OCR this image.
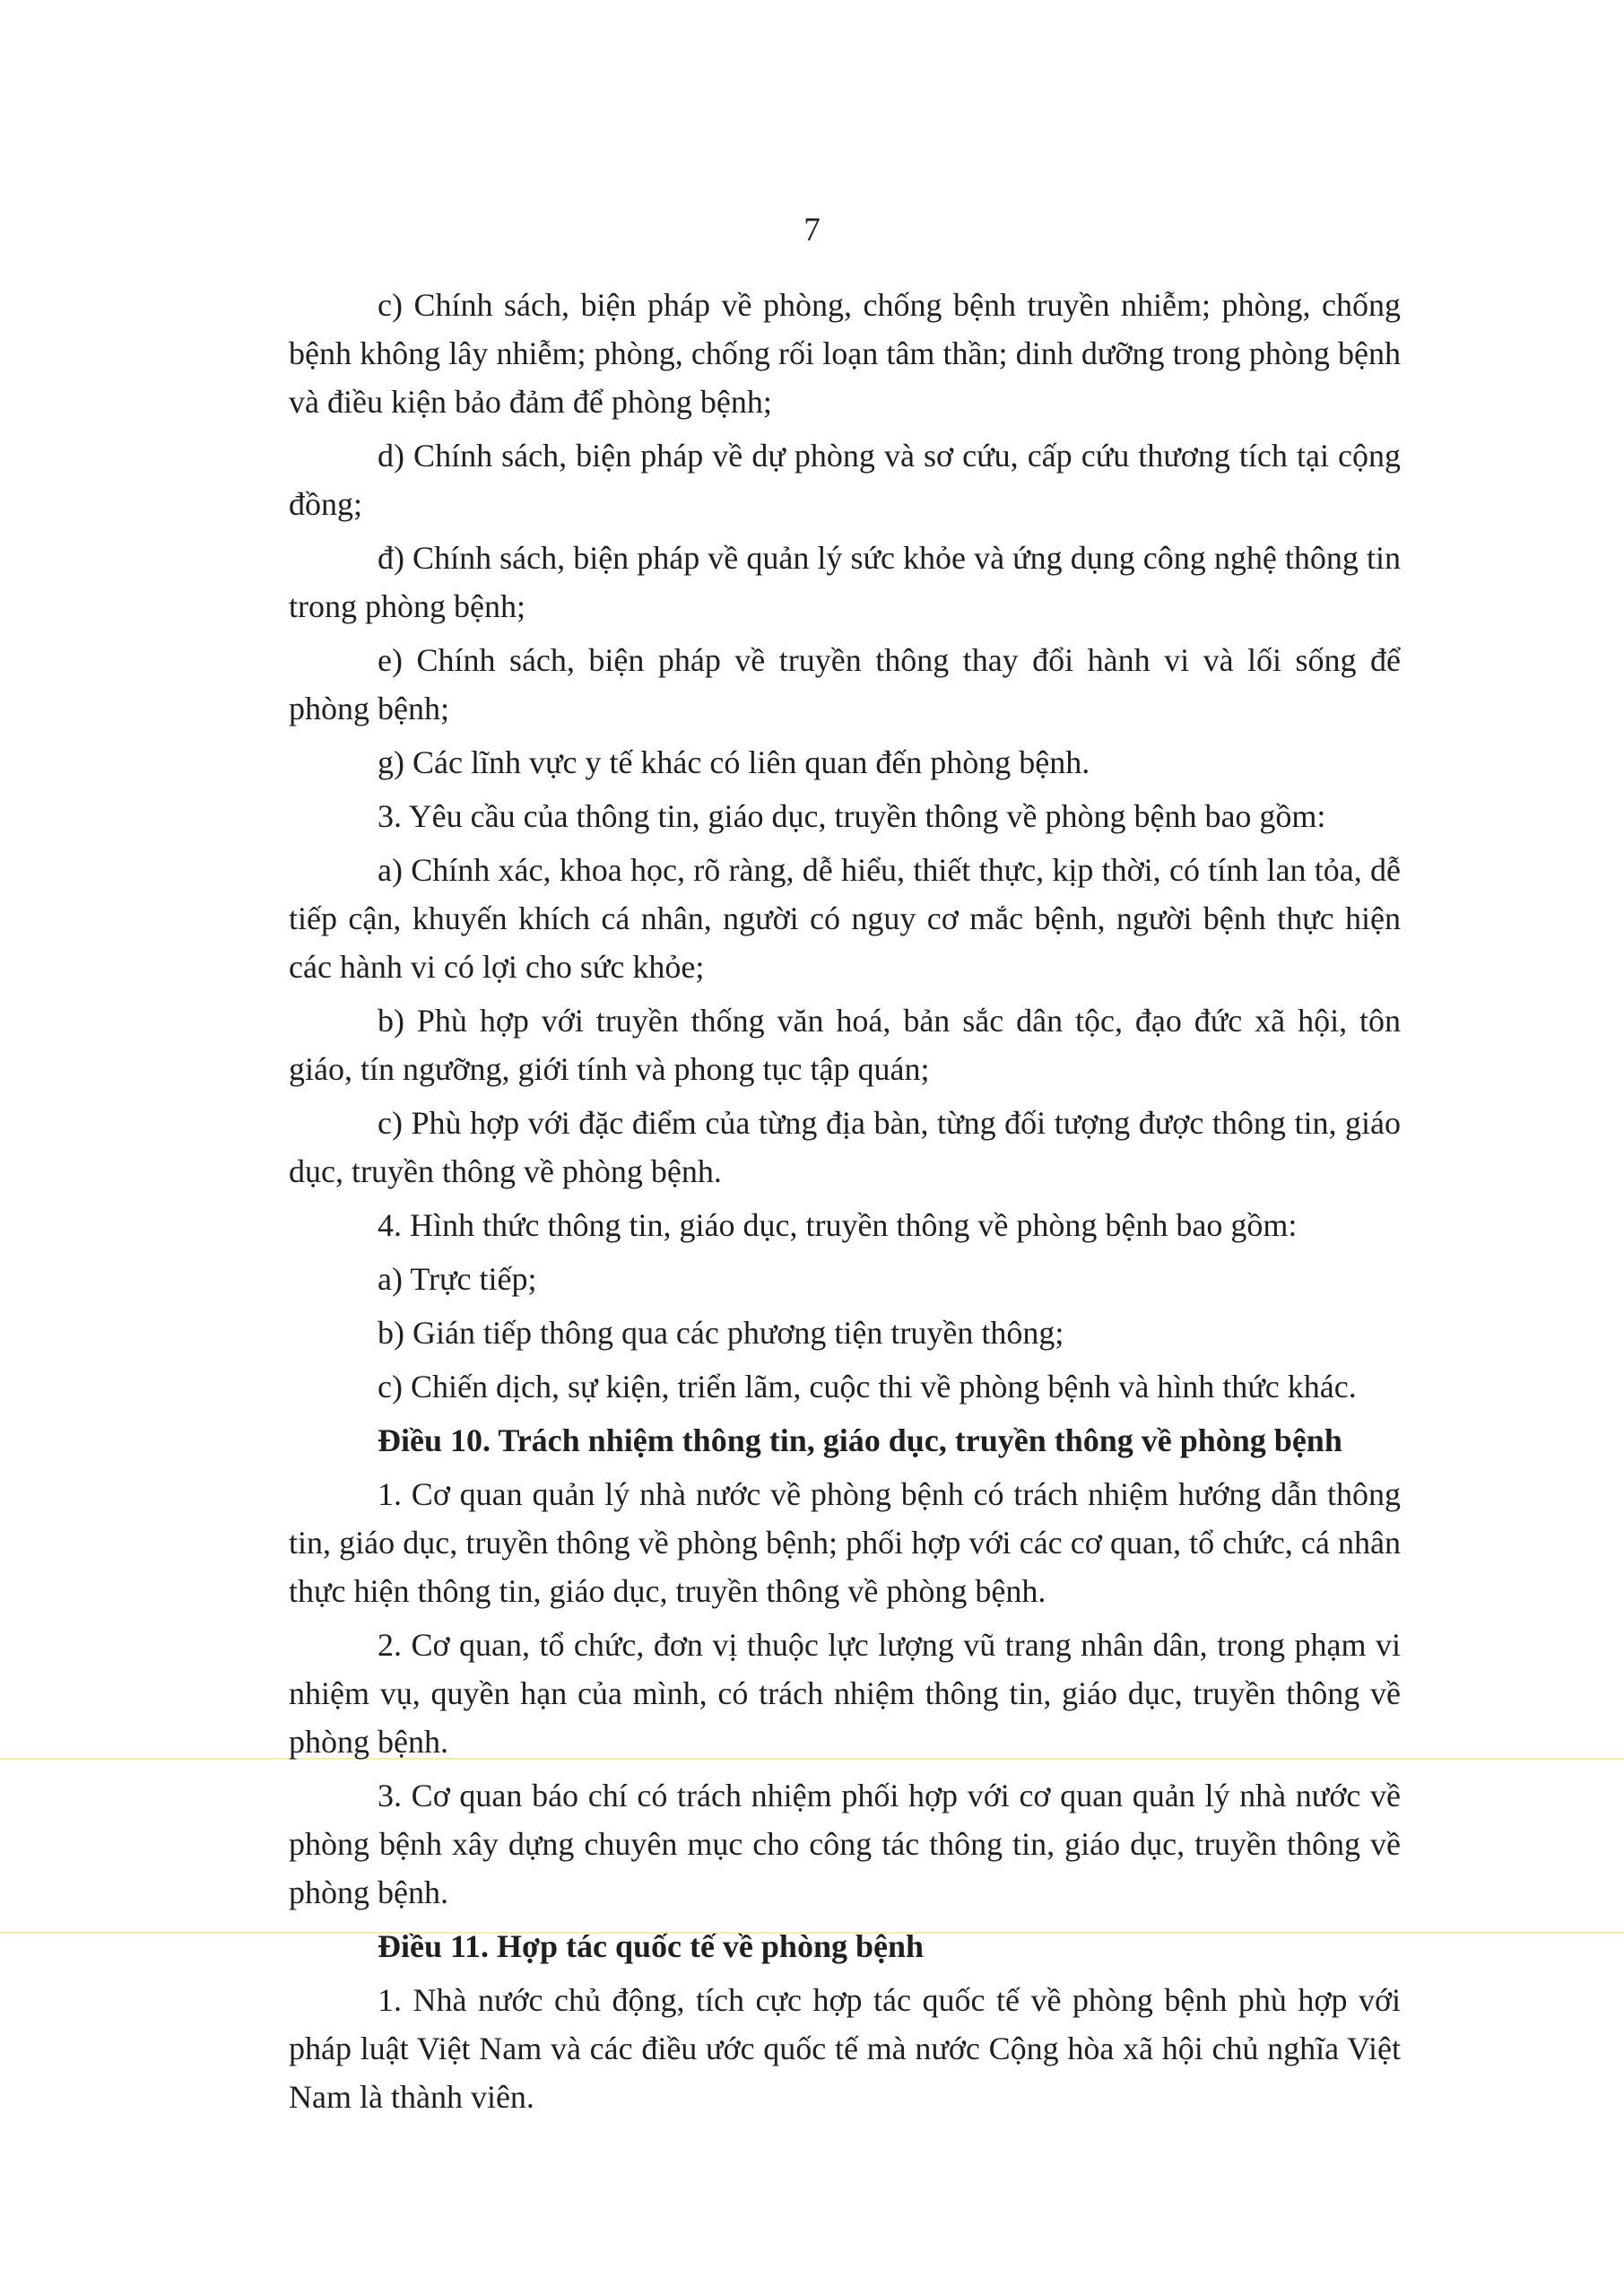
7

c) Chính sách, biện pháp về phòng, chống bệnh truyền nhiễm; phòng, chống bệnh không lây nhiễm; phòng, chống rối loạn tâm thần; dinh dưỡng trong phòng bệnh và điều kiện bảo đảm để phòng bệnh;

d) Chính sách, biện pháp về dự phòng và sơ cứu, cấp cứu thương tích tại cộng đồng;

đ) Chính sách, biện pháp về quản lý sức khỏe và ứng dụng công nghệ thông tin trong phòng bệnh;

e) Chính sách, biện pháp về truyền thông thay đổi hành vi và lối sống để phòng bệnh;

g) Các lĩnh vực y tế khác có liên quan đến phòng bệnh.

3. Yêu cầu của thông tin, giáo dục, truyền thông về phòng bệnh bao gồm:

a) Chính xác, khoa học, rõ ràng, dễ hiểu, thiết thực, kịp thời, có tính lan tỏa, dễ tiếp cận, khuyến khích cá nhân, người có nguy cơ mắc bệnh, người bệnh thực hiện các hành vi có lợi cho sức khỏe;

b) Phù hợp với truyền thống văn hoá, bản sắc dân tộc, đạo đức xã hội, tôn giáo, tín ngưỡng, giới tính và phong tục tập quán;

c) Phù hợp với đặc điểm của từng địa bàn, từng đối tượng được thông tin, giáo dục, truyền thông về phòng bệnh.

4. Hình thức thông tin, giáo dục, truyền thông về phòng bệnh bao gồm:

a) Trực tiếp;

b) Gián tiếp thông qua các phương tiện truyền thông;

c) Chiến dịch, sự kiện, triển lãm, cuộc thi về phòng bệnh và hình thức khác.

Điều 10. Trách nhiệm thông tin, giáo dục, truyền thông về phòng bệnh

1. Cơ quan quản lý nhà nước về phòng bệnh có trách nhiệm hướng dẫn thông tin, giáo dục, truyền thông về phòng bệnh; phối hợp với các cơ quan, tổ chức, cá nhân thực hiện thông tin, giáo dục, truyền thông về phòng bệnh.

2. Cơ quan, tổ chức, đơn vị thuộc lực lượng vũ trang nhân dân, trong phạm vi nhiệm vụ, quyền hạn của mình, có trách nhiệm thông tin, giáo dục, truyền thông về phòng bệnh.

3. Cơ quan báo chí có trách nhiệm phối hợp với cơ quan quản lý nhà nước về phòng bệnh xây dựng chuyên mục cho công tác thông tin, giáo dục, truyền thông về phòng bệnh.

Điều 11. Hợp tác quốc tế về phòng bệnh

1. Nhà nước chủ động, tích cực hợp tác quốc tế về phòng bệnh phù hợp với pháp luật Việt Nam và các điều ước quốc tế mà nước Cộng hòa xã hội chủ nghĩa Việt Nam là thành viên.
